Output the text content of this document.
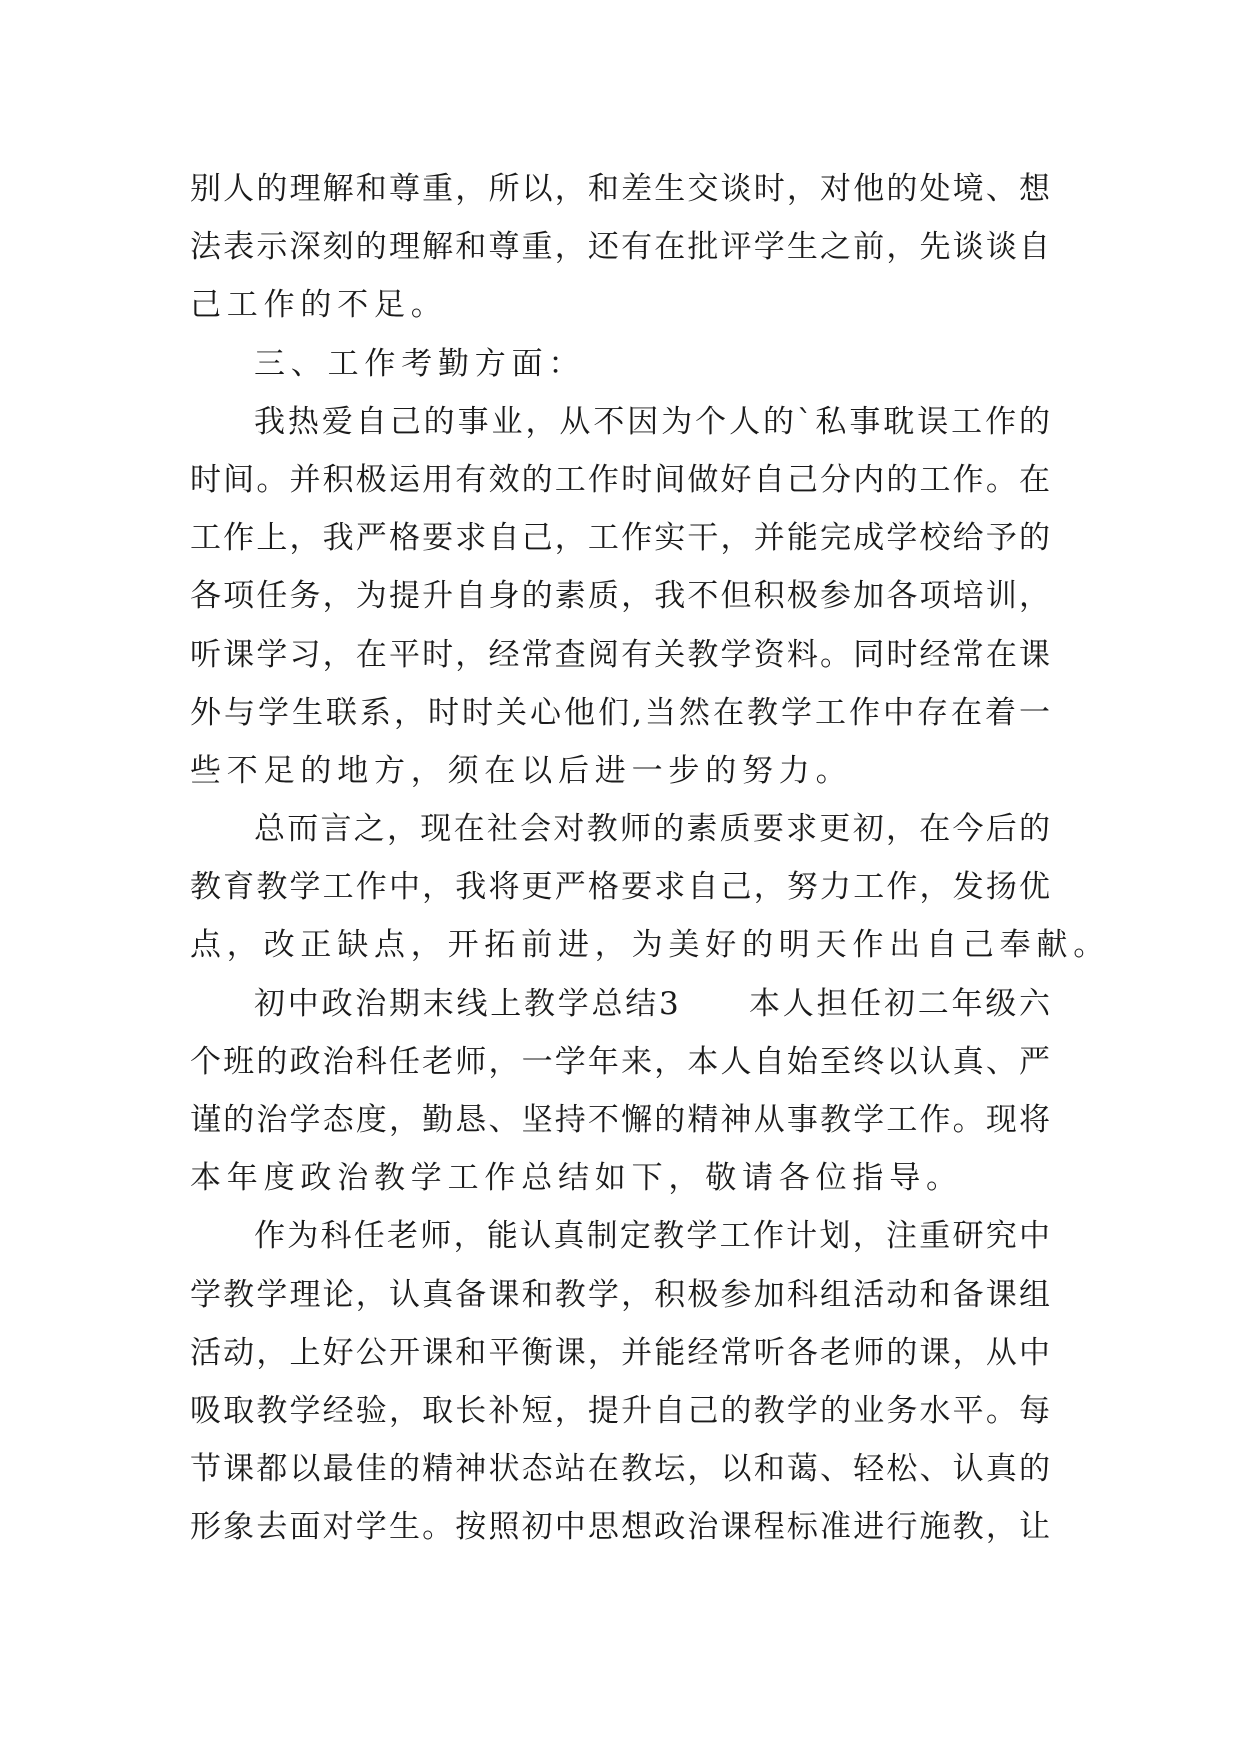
别人的理解和尊重，所以，和差生交谈时，对他的处境、想
法表示深刻的理解和尊重，还有在批评学生之前，先谈谈自
己工作的不足。
三、工作考勤方面：
我热爱自己的事业，从不因为个人的`私事耽误工作的
时间。并积极运用有效的工作时间做好自己分内的工作。在
工作上，我严格要求自己，工作实干，并能完成学校给予的
各项任务，为提升自身的素质，我不但积极参加各项培训，
听课学习，在平时，经常查阅有关教学资料。同时经常在课
外与学生联系，时时关心他们,当然在教学工作中存在着一
些不足的地方，须在以后进一步的努力。
总而言之，现在社会对教师的素质要求更初，在今后的
教育教学工作中，我将更严格要求自己，努力工作，发扬优
点，改正缺点，开拓前进，为美好的明天作出自己奉献。
初中政治期末线上教学总结3　　本人担任初二年级六
个班的政治科任老师，一学年来，本人自始至终以认真、严
谨的治学态度，勤恳、坚持不懈的精神从事教学工作。现将
本年度政治教学工作总结如下，敬请各位指导。
作为科任老师，能认真制定教学工作计划，注重研究中
学教学理论，认真备课和教学，积极参加科组活动和备课组
活动，上好公开课和平衡课，并能经常听各老师的课，从中
吸取教学经验，取长补短，提升自己的教学的业务水平。每
节课都以最佳的精神状态站在教坛，以和蔼、轻松、认真的
形象去面对学生。按照初中思想政治课程标准进行施教，让
